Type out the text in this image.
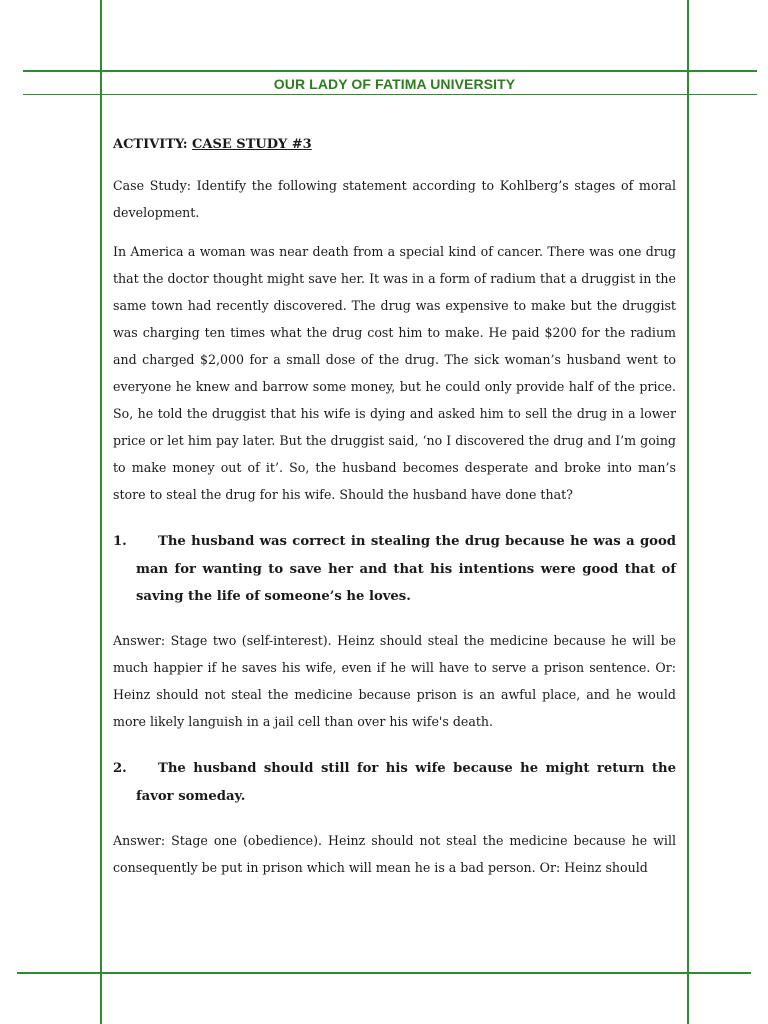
OUR LADY OF FATIMA UNIVERSITY
ACTIVITY: CASE STUDY #3

Case Study: Identify the following statement according to Kohlberg’s stages of moral development.

In America a woman was near death from a special kind of cancer. There was one drug that the doctor thought might save her. It was in a form of radium that a druggist in the same town had recently discovered. The drug was expensive to make but the druggist was charging ten times what the drug cost him to make. He paid $200 for the radium and charged $2,000 for a small dose of the drug. The sick woman’s husband went to everyone he knew and barrow some money, but he could only provide half of the price. So, he told the druggist that his wife is dying and asked him to sell the drug in a lower price or let him pay later. But the druggist said, ‘no I discovered the drug and I’m going to make money out of it’. So, the husband becomes desperate and broke into man’s store to steal the drug for his wife. Should the husband have done that?

1.	The husband was correct in stealing the drug because he was a good man for wanting to save her and that his intentions were good that of saving the life of someone’s he loves.

Answer: Stage two (self-interest). Heinz should steal the medicine because he will be much happier if he saves his wife, even if he will have to serve a prison sentence. Or: Heinz should not steal the medicine because prison is an awful place, and he would more likely languish in a jail cell than over his wife's death.

2.	The husband should still for his wife because he might return the favor someday.

Answer: Stage one (obedience). Heinz should not steal the medicine because he will consequently be put in prison which will mean he is a bad person. Or: Heinz should
